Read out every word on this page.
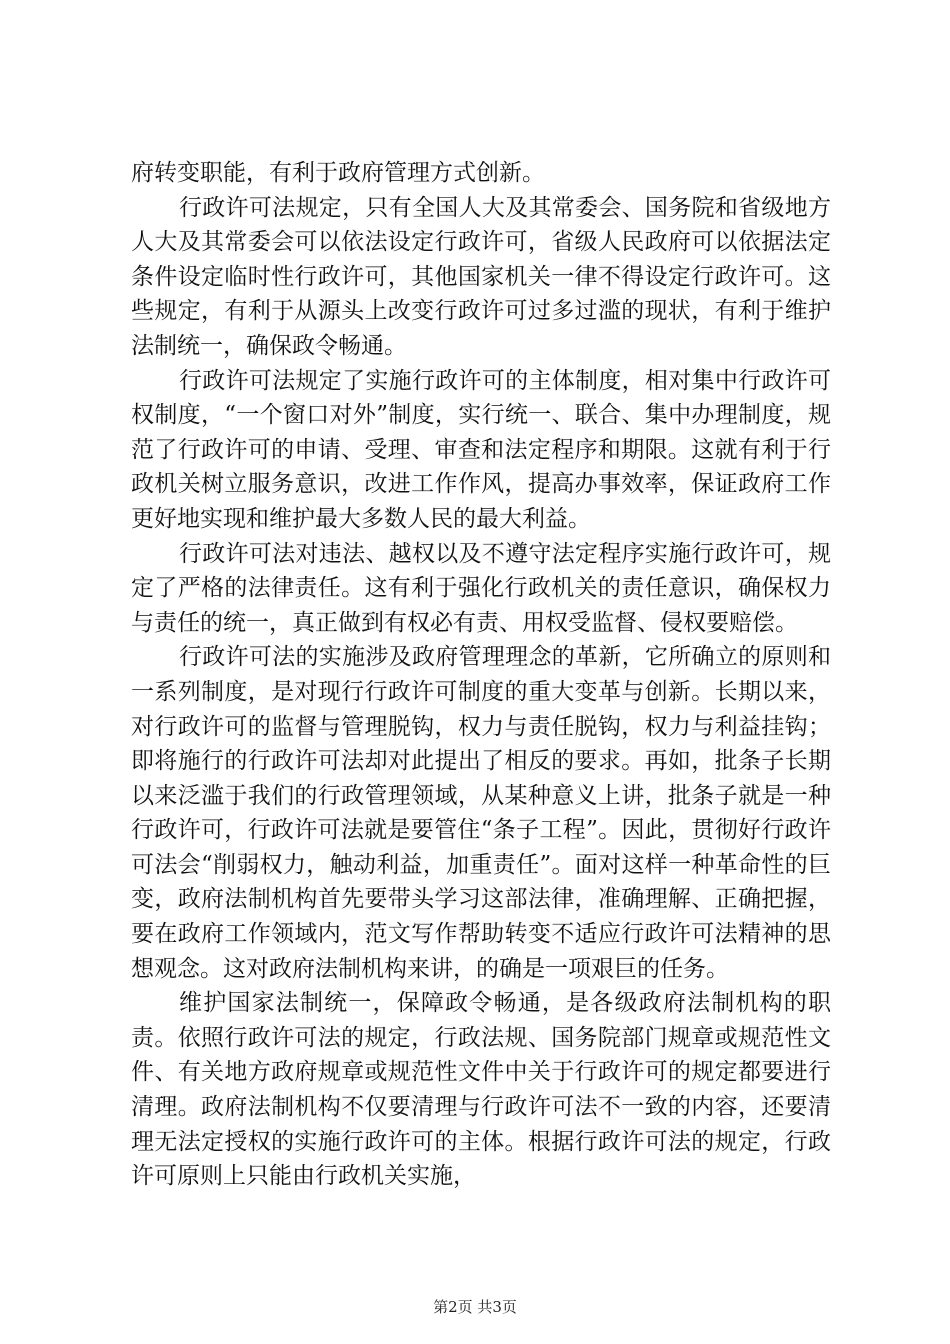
府转变职能，有利于政府管理方式创新。

行政许可法规定，只有全国人大及其常委会、国务院和省级地方人大及其常委会可以依法设定行政许可，省级人民政府可以依据法定条件设定临时性行政许可，其他国家机关一律不得设定行政许可。这些规定，有利于从源头上改变行政许可过多过滥的现状，有利于维护法制统一，确保政令畅通。

行政许可法规定了实施行政许可的主体制度，相对集中行政许可权制度，“一个窗口对外”制度，实行统一、联合、集中办理制度，规范了行政许可的申请、受理、审查和法定程序和期限。这就有利于行政机关树立服务意识，改进工作作风，提高办事效率，保证政府工作更好地实现和维护最大多数人民的最大利益。

行政许可法对违法、越权以及不遵守法定程序实施行政许可，规定了严格的法律责任。这有利于强化行政机关的责任意识，确保权力与责任的统一，真正做到有权必有责、用权受监督、侵权要赔偿。

行政许可法的实施涉及政府管理理念的革新，它所确立的原则和一系列制度，是对现行行政许可制度的重大变革与创新。长期以来，对行政许可的监督与管理脱钩，权力与责任脱钩，权力与利益挂钩；即将施行的行政许可法却对此提出了相反的要求。再如，批条子长期以来泛滥于我们的行政管理领域，从某种意义上讲，批条子就是一种行政许可，行政许可法就是要管住“条子工程”。因此，贯彻好行政许可法会“削弱权力，触动利益，加重责任”。面对这样一种革命性的巨变，政府法制机构首先要带头学习这部法律，准确理解、正确把握，要在政府工作领域内，范文写作帮助转变不适应行政许可法精神的思想观念。这对政府法制机构来讲，的确是一项艰巨的任务。

维护国家法制统一，保障政令畅通，是各级政府法制机构的职责。依照行政许可法的规定，行政法规、国务院部门规章或规范性文件、有关地方政府规章或规范性文件中关于行政许可的规定都要进行清理。政府法制机构不仅要清理与行政许可法不一致的内容，还要清理无法定授权的实施行政许可的主体。根据行政许可法的规定，行政许可原则上只能由行政机关实施，

第2页 共3页
